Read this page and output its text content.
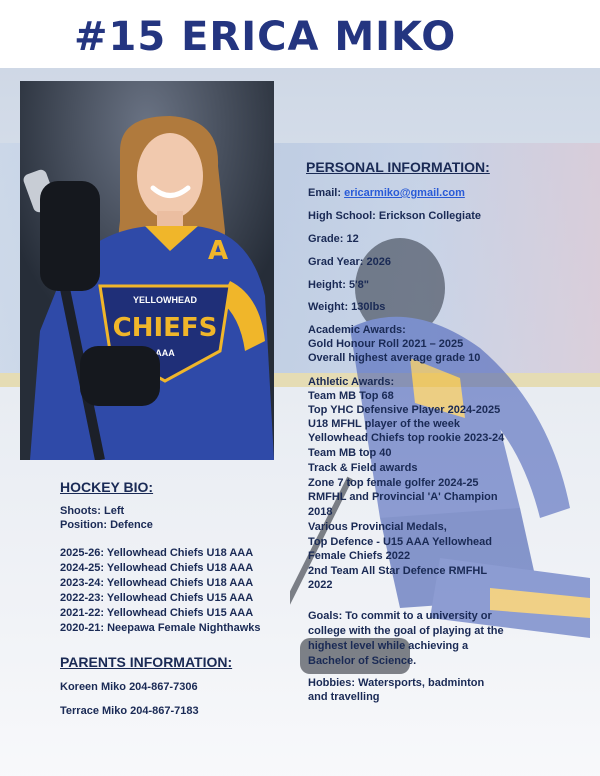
#15 ERICA MIKO
YELLOWHEAD
CHIEFS
AAA
A
PERSONAL INFORMATION:
Email: ericarmiko@gmail.com
High School: Erickson Collegiate
Grade: 12
Grad Year: 2026
Height: 5'8"
Weight: 130lbs
Academic Awards:
Gold Honour Roll 2021 – 2025
Overall highest average grade 10
Athletic Awards:
Team MB Top 68
Top YHC Defensive Player 2024-2025
U18 MFHL player of the week
Yellowhead Chiefs top rookie 2023-24
Team MB top 40
Track & Field awards
Zone 7 top female golfer 2024-25
RMFHL and Provincial 'A' Champion
2018
Various Provincial Medals,
Top Defence - U15 AAA Yellowhead
Female Chiefs 2022
2nd Team All Star Defence RMFHL
2022
Goals: To commit to a university or
college with the goal of playing at the
highest level while achieving a
Bachelor of Science.
Hobbies: Watersports, badminton
and travelling
HOCKEY BIO:
Shoots: Left
Position: Defence
2025-26: Yellowhead Chiefs U18 AAA
2024-25: Yellowhead Chiefs U18 AAA
2023-24: Yellowhead Chiefs U18 AAA
2022-23: Yellowhead Chiefs U15 AAA
2021-22: Yellowhead Chiefs U15 AAA
2020-21: Neepawa Female Nighthawks
PARENTS INFORMATION:
Koreen Miko 204-867-7306
Terrace Miko 204-867-7183
